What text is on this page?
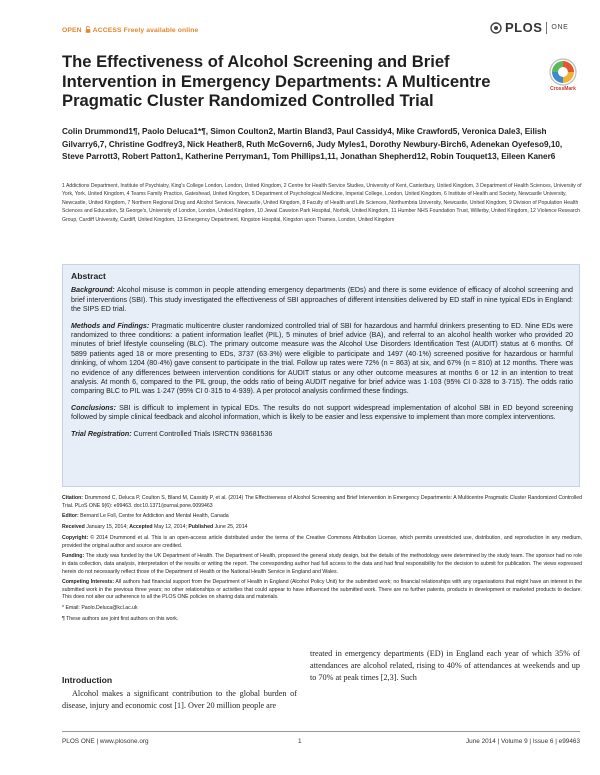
OPEN ACCESS Freely available online	PLOS ONE
CrossMark
The Effectiveness of Alcohol Screening and Brief Intervention in Emergency Departments: A Multicentre Pragmatic Cluster Randomized Controlled Trial
Colin Drummond1¶, Paolo Deluca1*¶, Simon Coulton2, Martin Bland3, Paul Cassidy4, Mike Crawford5, Veronica Dale3, Eilish Gilvarry6,7, Christine Godfrey3, Nick Heather8, Ruth McGovern6, Judy Myles1, Dorothy Newbury-Birch6, Adenekan Oyefeso9,10, Steve Parrott3, Robert Patton1, Katherine Perryman1, Tom Phillips1,11, Jonathan Shepherd12, Robin Touquet13, Eileen Kaner6
1 Addictions Department, Institute of Psychiatry, King's College London, London, United Kingdom, 2 Centre for Health Service Studies, University of Kent, Canterbury, United Kingdom, 3 Department of Health Sciences, University of York, York, United Kingdom, 4 Teams Family Practice, Gateshead, United Kingdom, 5 Department of Psychological Medicine, Imperial College, London, United Kingdom, 6 Institute of Health and Society, Newcastle University, Newcastle, United Kingdom, 7 Northern Regional Drug and Alcohol Services, Newcastle, United Kingdom, 8 Faculty of Health and Life Sciences, Northumbria University, Newcastle, United Kingdom, 9 Division of Population Health Sciences and Education, St George's, University of London, London, United Kingdom, 10 Jewal Cawston Park Hospital, Norfolk, United Kingdom, 11 Humber NHS Foundation Trust, Willerby, United Kingdom, 12 Violence Research Group, Cardiff University, Cardiff, United Kingdom, 13 Emergency Department, Kingston Hospital, Kingston upon Thames, London, United Kingdom
Abstract

Background: Alcohol misuse is common in people attending emergency departments (EDs) and there is some evidence of efficacy of alcohol screening and brief interventions (SBI). This study investigated the effectiveness of SBI approaches of different intensities delivered by ED staff in nine typical EDs in England: the SIPS ED trial.

Methods and Findings: Pragmatic multicentre cluster randomized controlled trial of SBI for hazardous and harmful drinkers presenting to ED. Nine EDs were randomized to three conditions: a patient information leaflet (PIL), 5 minutes of brief advice (BA), and referral to an alcohol health worker who provided 20 minutes of brief lifestyle counseling (BLC). The primary outcome measure was the Alcohol Use Disorders Identification Test (AUDIT) status at 6 months. Of 5899 patients aged 18 or more presenting to EDs, 3737 (63·3%) were eligible to participate and 1497 (40·1%) screened positive for hazardous or harmful drinking, of whom 1204 (80·4%) gave consent to participate in the trial. Follow up rates were 72% (n = 863) at six, and 67% (n = 810) at 12 months. There was no evidence of any differences between intervention conditions for AUDIT status or any other outcome measures at months 6 or 12 in an intention to treat analysis. At month 6, compared to the PIL group, the odds ratio of being AUDIT negative for brief advice was 1·103 (95% CI 0·328 to 3·715). The odds ratio comparing BLC to PIL was 1·247 (95% CI 0·315 to 4·939). A per protocol analysis confirmed these findings.

Conclusions: SBI is difficult to implement in typical EDs. The results do not support widespread implementation of alcohol SBI in ED beyond screening followed by simple clinical feedback and alcohol information, which is likely to be easier and less expensive to implement than more complex interventions.

Trial Registration: Current Controlled Trials ISRCTN 93681536

Citation: Drummond C, Deluca P, Coulton S, Bland M, Cassidy P, et al. (2014) The Effectiveness of Alcohol Screening and Brief Intervention in Emergency Departments: A Multicentre Pragmatic Cluster Randomized Controlled Trial. PLoS ONE 9(6): e99463. doi:10.1371/journal.pone.0099463

Editor: Bernard Le Foll, Centre for Addiction and Mental Health, Canada

Received January 15, 2014; Accepted May 12, 2014; Published June 25, 2014

Copyright: © 2014 Drummond et al. This is an open-access article distributed under the terms of the Creative Commons Attribution License, which permits unrestricted use, distribution, and reproduction in any medium, provided the original author and source are credited.

Funding: The study was funded by the UK Department of Health. The Department of Health, proposed the general study design, but the details of the methodology were determined by the study team. The sponsor had no role in data collection, data analysis, interpretation of the results or writing the report. The corresponding author had full access to the data and had final responsibility for the decision to submit for publication. The views expressed herein do not necessarily reflect those of the Department of Health or the National Health Service in England and Wales.

Competing Interests: All authors had financial support from the Department of Health in England (Alcohol Policy Unit) for the submitted work; no financial relationships with any organisations that might have an interest in the submitted work in the previous three years; no other relationships or activities that could appear to have influenced the submitted work. There are no further patents, products in development or marketed products to declare. This does not alter our adherence to all the PLOS ONE policies on sharing data and materials.

* Email: Paolo.Deluca@kcl.ac.uk

¶ These authors are joint first authors on this work.

Introduction
Alcohol makes a significant contribution to the global burden of disease, injury and economic cost [1]. Over 20 million people are
treated in emergency departments (ED) in England each year of which 35% of attendances are alcohol related, rising to 40% of attendances at weekends and up to 70% at peak times [2,3]. Such
PLOS ONE | www.plosone.org	1	June 2014 | Volume 9 | Issue 6 | e99463
